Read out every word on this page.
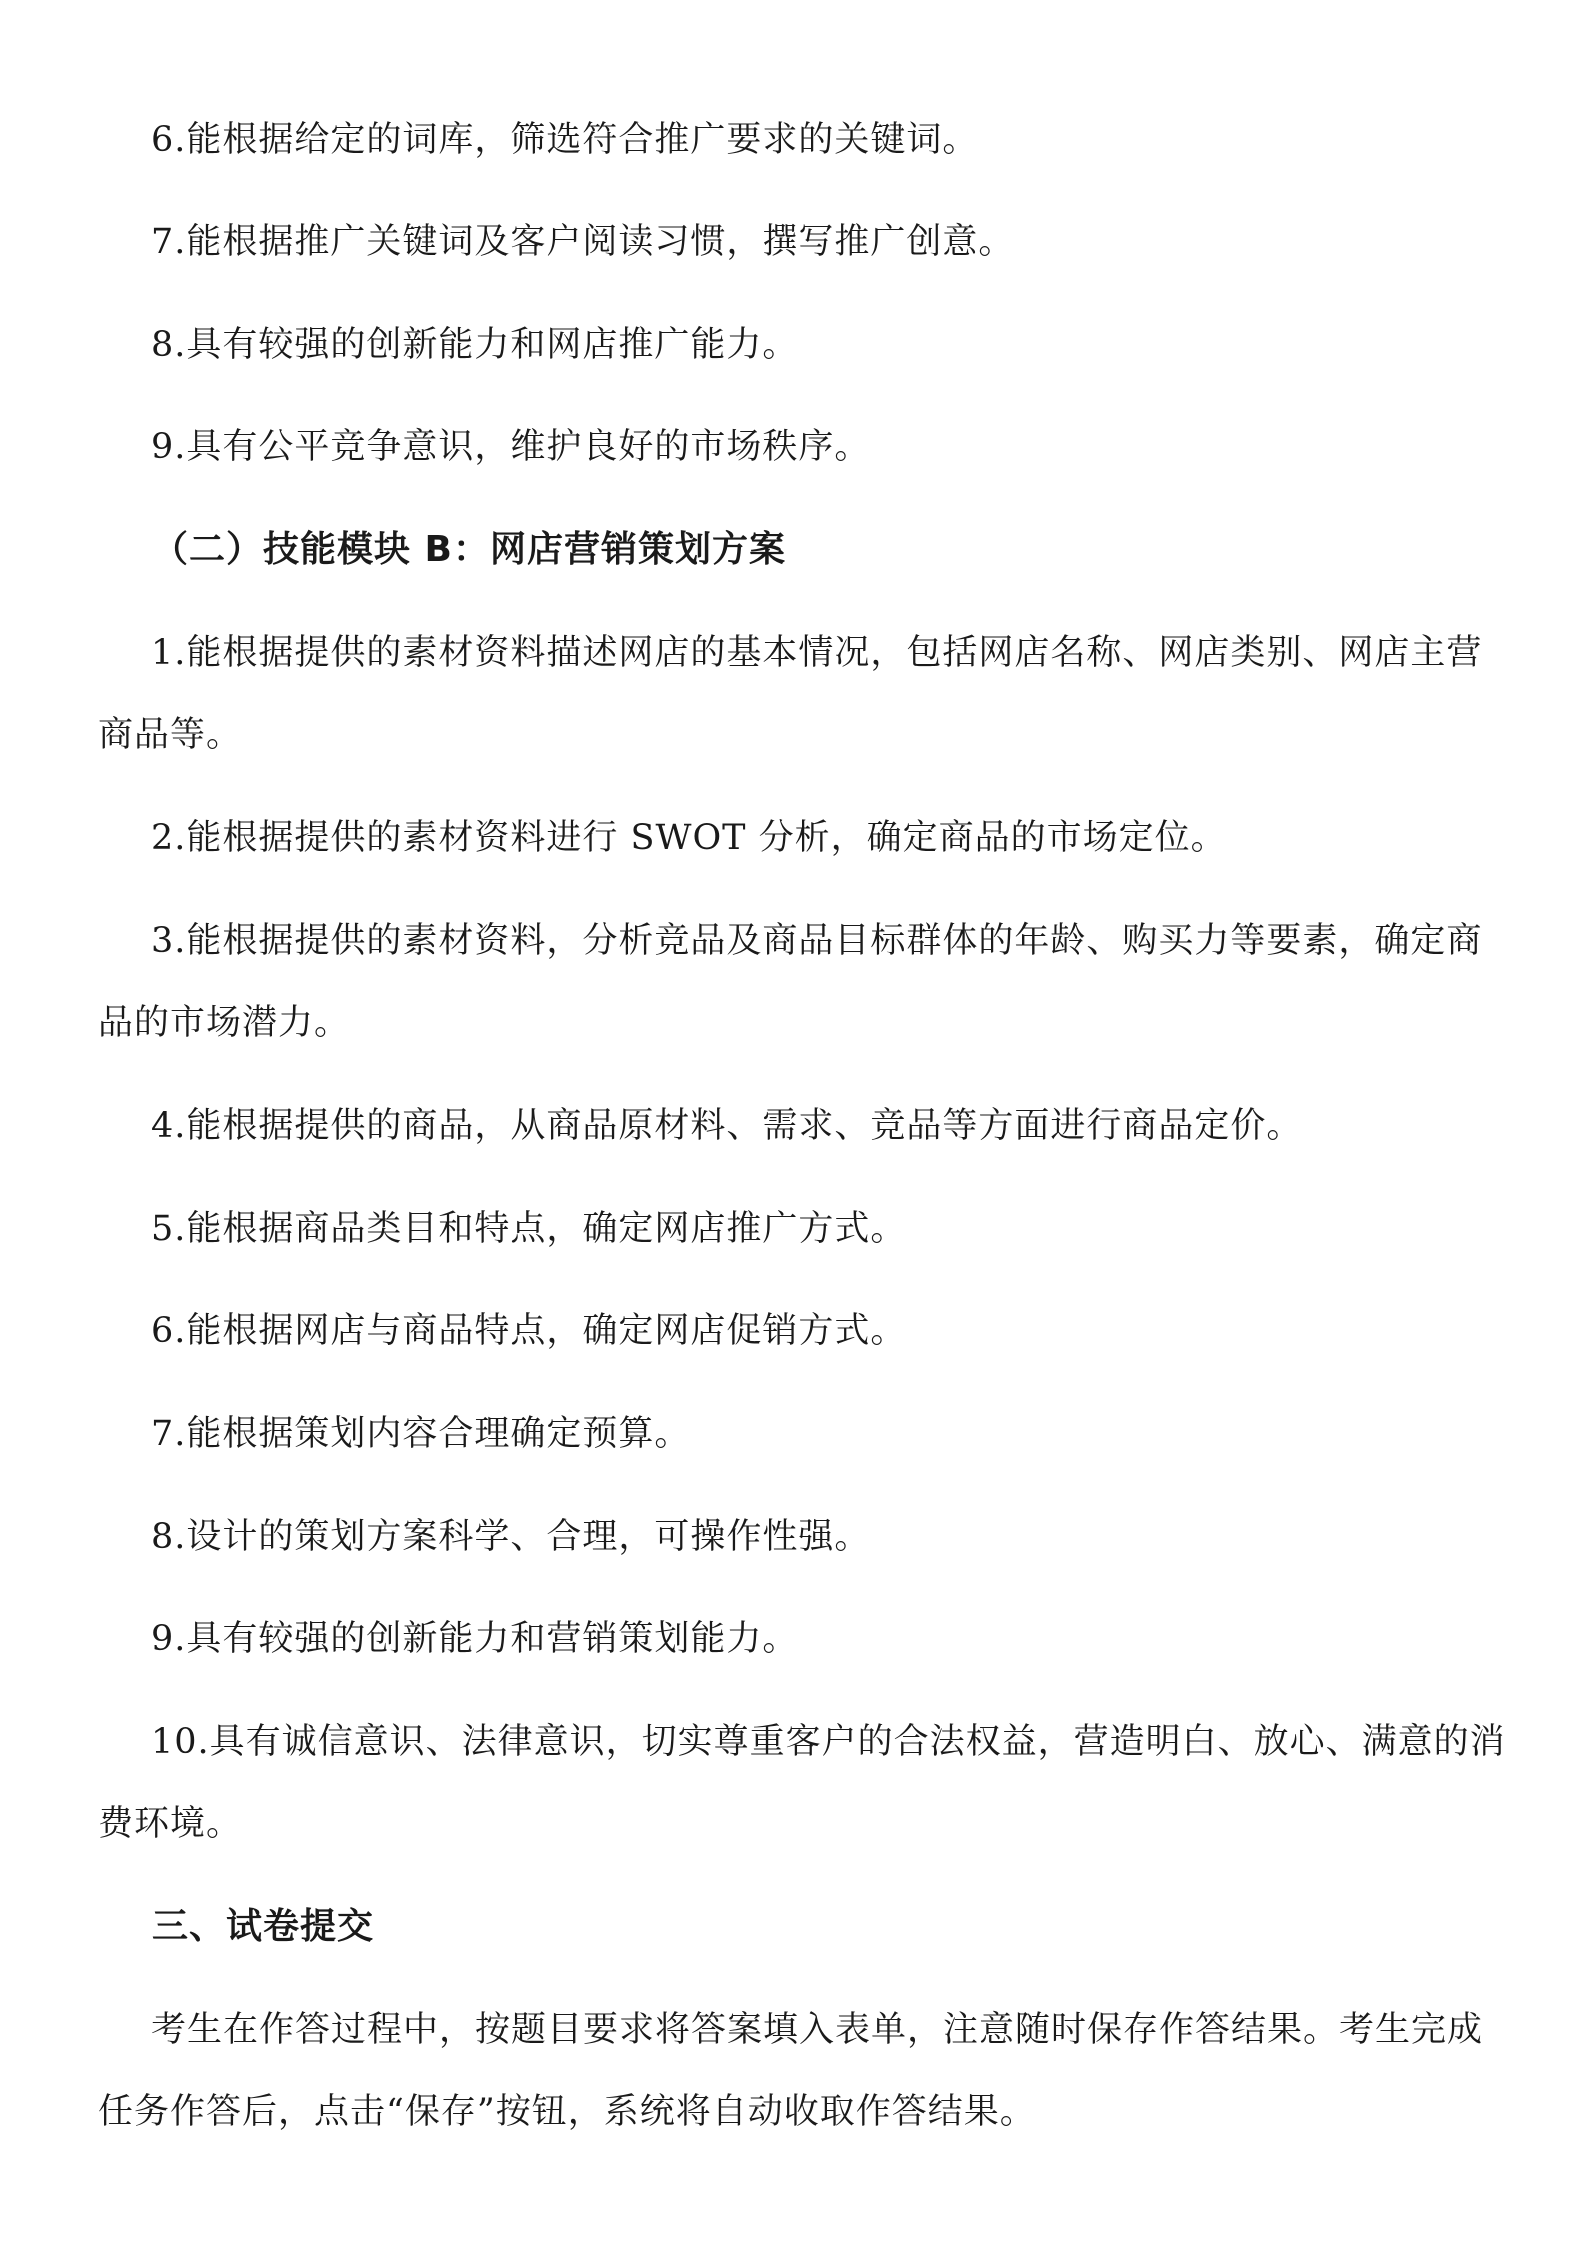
6.能根据给定的词库，筛选符合推广要求的关键词。
7.能根据推广关键词及客户阅读习惯，撰写推广创意。
8.具有较强的创新能力和网店推广能力。
9.具有公平竞争意识，维护良好的市场秩序。
（二）技能模块 B：网店营销策划方案
1.能根据提供的素材资料描述网店的基本情况，包括网店名称、网店类别、网店主营
商品等。
2.能根据提供的素材资料进行 SWOT 分析，确定商品的市场定位。
3.能根据提供的素材资料，分析竞品及商品目标群体的年龄、购买力等要素，确定商
品的市场潜力。
4.能根据提供的商品，从商品原材料、需求、竞品等方面进行商品定价。
5.能根据商品类目和特点，确定网店推广方式。
6.能根据网店与商品特点，确定网店促销方式。
7.能根据策划内容合理确定预算。
8.设计的策划方案科学、合理，可操作性强。
9.具有较强的创新能力和营销策划能力。
10.具有诚信意识、法律意识，切实尊重客户的合法权益，营造明白、放心、满意的消
费环境。
三、试卷提交
考生在作答过程中，按题目要求将答案填入表单，注意随时保存作答结果。考生完成
任务作答后，点击“保存”按钮，系统将自动收取作答结果。
